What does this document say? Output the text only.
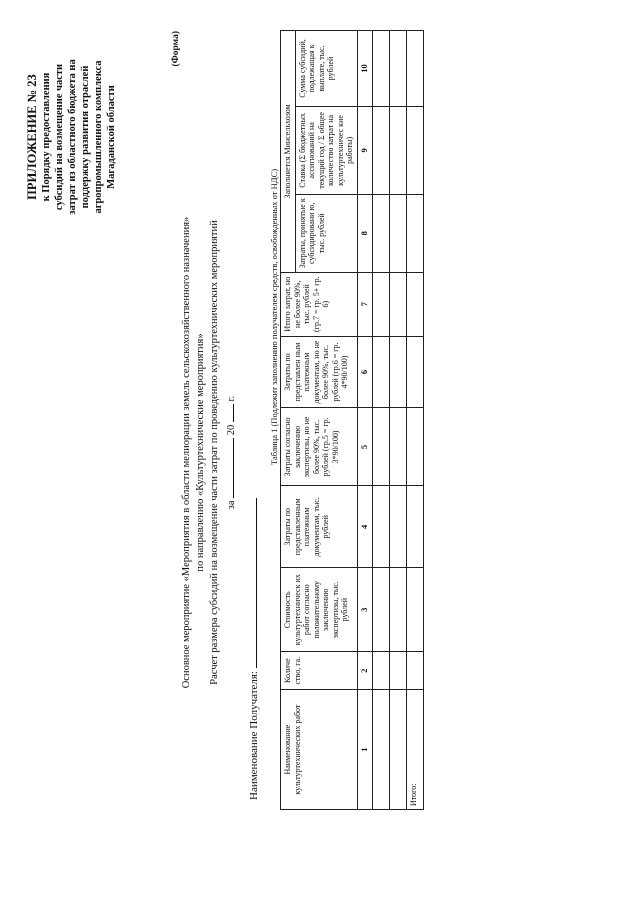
ПРИЛОЖЕНИЕ № 23 к Порядку предоставления субсидий на возмещение части затрат из областного бюджета на поддержку развития отраслей агропромышленного комплекса Магаданской области
(Форма)
Основное мероприятие «Мероприятия в области мелиорации земель сельскохозяйственного назначения» по направлению «Культуртехнические мероприятия» Расчет размера субсидий на возмещение части затрат по проведению культуртехнических мероприятий за  20  г.
Наименование Получателя:
Таблица 1 (Подлежит заполнению получателем средств, освобожденных от НДС)
Наименование культуртехнических работ	Количе ство, га.	Стоимость культуртехническ их работ согласно положительному заключению экспертизы, тыс. рублей	Затраты по представленным платежным документам, тыс. рублей	Затраты согласно заключению экспертизы, но не более 90%, тыс. рублей (гр.5 = гр. 3*90/100)	Затраты по представлен ным платежным документам, но не более 90%, тыс. рублей (гр.6 = гр. 4*90/100)	Итого затрат, но не более 90%, тыс. рублей (гр.7 = гр. 5+ гр. 6)	Заполняется Минсельхозом		
							Затраты, принятые к субсидировани ю, тыс. рублей	Ставка (Σ бюджетных ассигнований на текущий год / Σ общее количество затрат на культуртехничес кие работы)	Сумма субсидий, подлежащая к выплате, тыс. рублей
1	2	3	4	5	6	7	8	9	10

Итого:									
